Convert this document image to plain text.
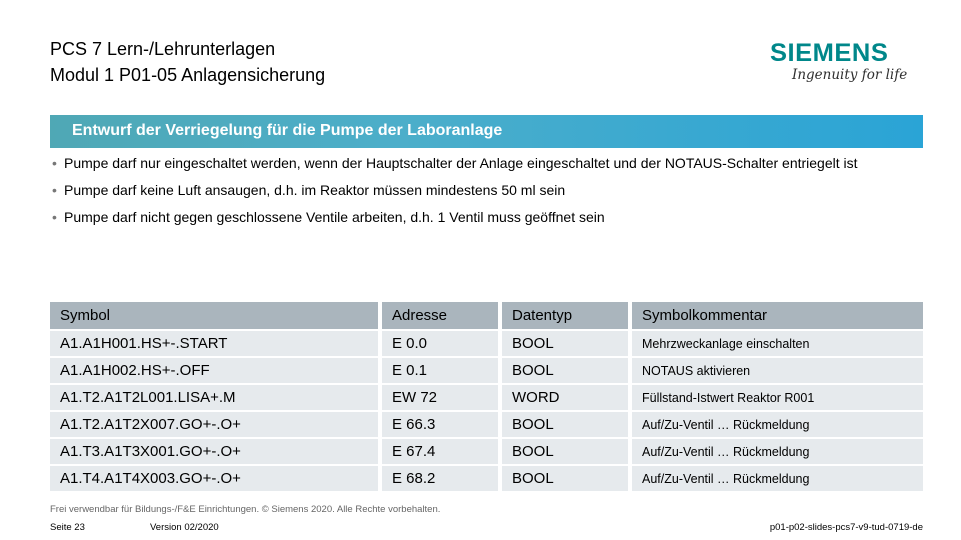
PCS 7 Lern-/Lehrunterlagen
Modul 1 P01-05 Anlagensicherung
SIEMENS
Ingenuity for life
Entwurf der Verriegelung für die Pumpe der Laboranlage
• Pumpe darf nur eingeschaltet werden, wenn der Hauptschalter der Anlage eingeschaltet und der NOTAUS-Schalter entriegelt ist
• Pumpe darf keine Luft ansaugen, d.h. im Reaktor müssen mindestens 50 ml sein
• Pumpe darf nicht gegen geschlossene Ventile arbeiten, d.h. 1 Ventil muss geöffnet sein
Symbol	Adresse	Datentyp	Symbolkommentar
A1.A1H001.HS+-.START	E 0.0	BOOL	Mehrzweckanlage einschalten
A1.A1H002.HS+-.OFF	E 0.1	BOOL	NOTAUS aktivieren
A1.T2.A1T2L001.LISA+.M	EW 72	WORD	Füllstand-Istwert Reaktor R001
A1.T2.A1T2X007.GO+-.O+	E 66.3	BOOL	Auf/Zu-Ventil … Rückmeldung
A1.T3.A1T3X001.GO+-.O+	E 67.4	BOOL	Auf/Zu-Ventil … Rückmeldung
A1.T4.A1T4X003.GO+-.O+	E 68.2	BOOL	Auf/Zu-Ventil … Rückmeldung
Frei verwendbar für Bildungs-/F&E Einrichtungen. © Siemens 2020. Alle Rechte vorbehalten.
Seite 23	Version 02/2020	p01-p02-slides-pcs7-v9-tud-0719-de
